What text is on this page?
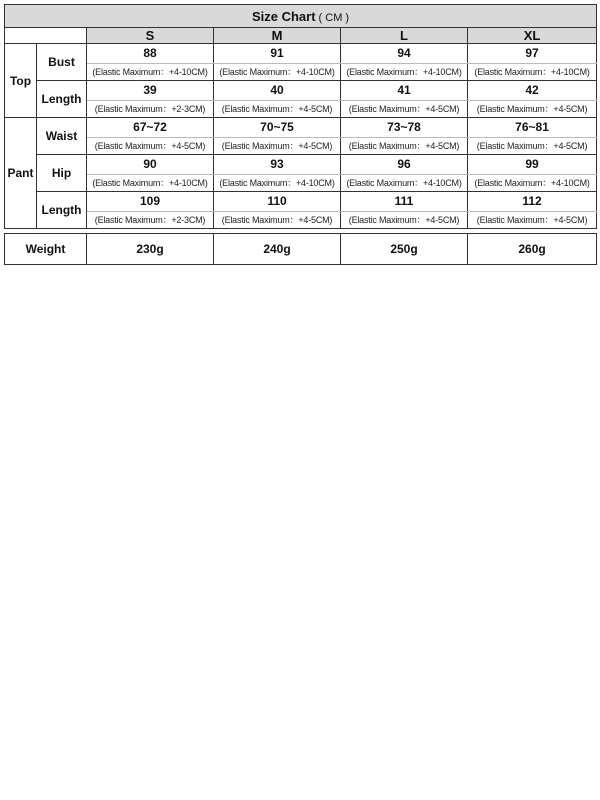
Size Chart ( CM )					
		S	M	L	XL
Top	Bust	88	91	94	97
		(Elastic Maximum：+4-10CM)	(Elastic Maximum：+4-10CM)	(Elastic Maximum：+4-10CM)	(Elastic Maximum：+4-10CM)
	Length	39	40	41	42
		(Elastic Maximum：+2-3CM)	(Elastic Maximum：+4-5CM)	(Elastic Maximum：+4-5CM)	(Elastic Maximum：+4-5CM)
Pant	Waist	67~72	70~75	73~78	76~81
		(Elastic Maximum：+4-5CM)	(Elastic Maximum：+4-5CM)	(Elastic Maximum：+4-5CM)	(Elastic Maximum：+4-5CM)
	Hip	90	93	96	99
		(Elastic Maximum：+4-10CM)	(Elastic Maximum：+4-10CM)	(Elastic Maximum：+4-10CM)	(Elastic Maximum：+4-10CM)
	Length	109	110	111	112
		(Elastic Maximum：+2-3CM)	(Elastic Maximum：+4-5CM)	(Elastic Maximum：+4-5CM)	(Elastic Maximum：+4-5CM)

Weight		230g	240g	250g	260g
